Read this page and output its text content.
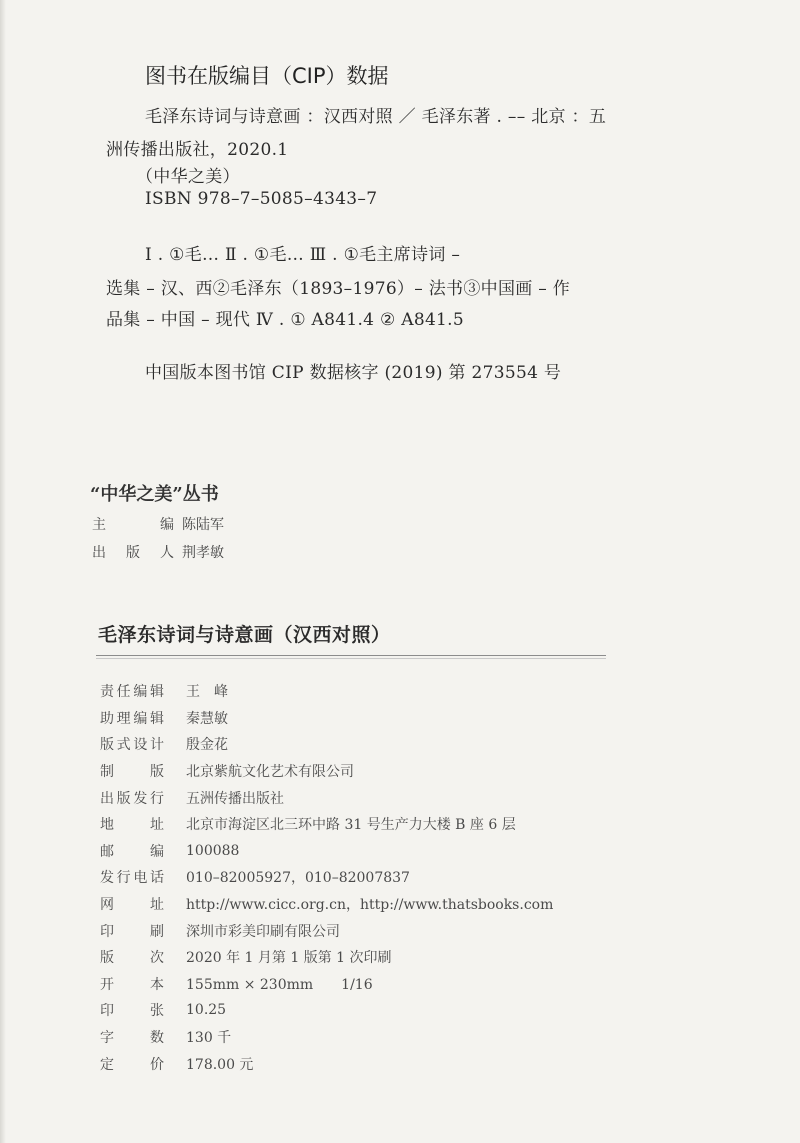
图书在版编目（CIP）数据
毛泽东诗词与诗意画 ：汉西对照 ／ 毛泽东著 . –– 北京 ：五
洲传播出版社，2020.1
（中华之美）
ISBN 978–7–5085–4343–7
Ⅰ . ①毛… Ⅱ . ①毛… Ⅲ . ①毛主席诗词 –
选集 – 汉、西②毛泽东（1893–1976）– 法书③中国画 – 作
品集 – 中国 – 现代 Ⅳ . ① A841.4 ② A841.5
中国版本图书馆 CIP 数据核字 (2019) 第 273554 号
“中华之美”丛书
主编 陈陆军
出版人 荆孝敏
毛泽东诗词与诗意画（汉西对照）
责任编辑 王　峰
助理编辑 秦慧敏
版式设计 殷金花
制版 北京紫航文化艺术有限公司
出版发行 五洲传播出版社
地址 北京市海淀区北三环中路 31 号生产力大楼 B 座 6 层
邮编 100088
发行电话 010–82005927，010–82007837
网址 http://www.cicc.org.cn，http://www.thatsbooks.com
印刷 深圳市彩美印刷有限公司
版次 2020 年 1 月第 1 版第 1 次印刷
开本 155mm × 230mm　　1/16
印张 10.25
字数 130 千
定价 178.00 元
